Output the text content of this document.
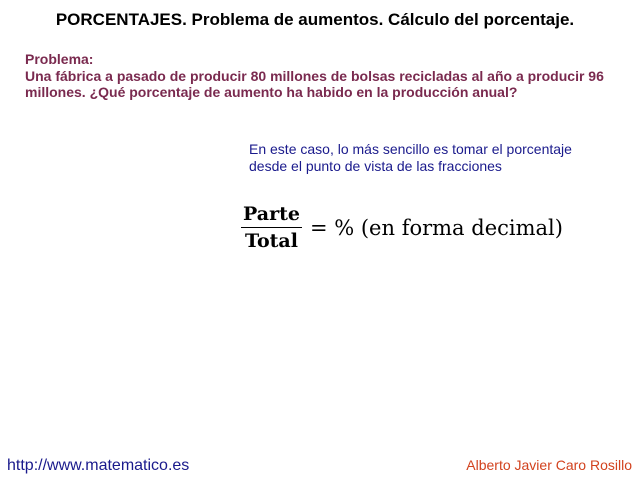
PORCENTAJES. Problema de aumentos. Cálculo del porcentaje.
Problema:
Una fábrica a pasado de producir 80 millones de bolsas recicladas al año a producir 96
millones. ¿Qué porcentaje de aumento ha habido en la producción anual?
En este caso, lo más sencillo es tomar el porcentaje
desde el punto de vista de las fracciones
$\frac{\text{Parte}}{\text{Total}}$ = % (en forma decimal)
http://www.matematico.es	Alberto Javier Caro Rosillo
